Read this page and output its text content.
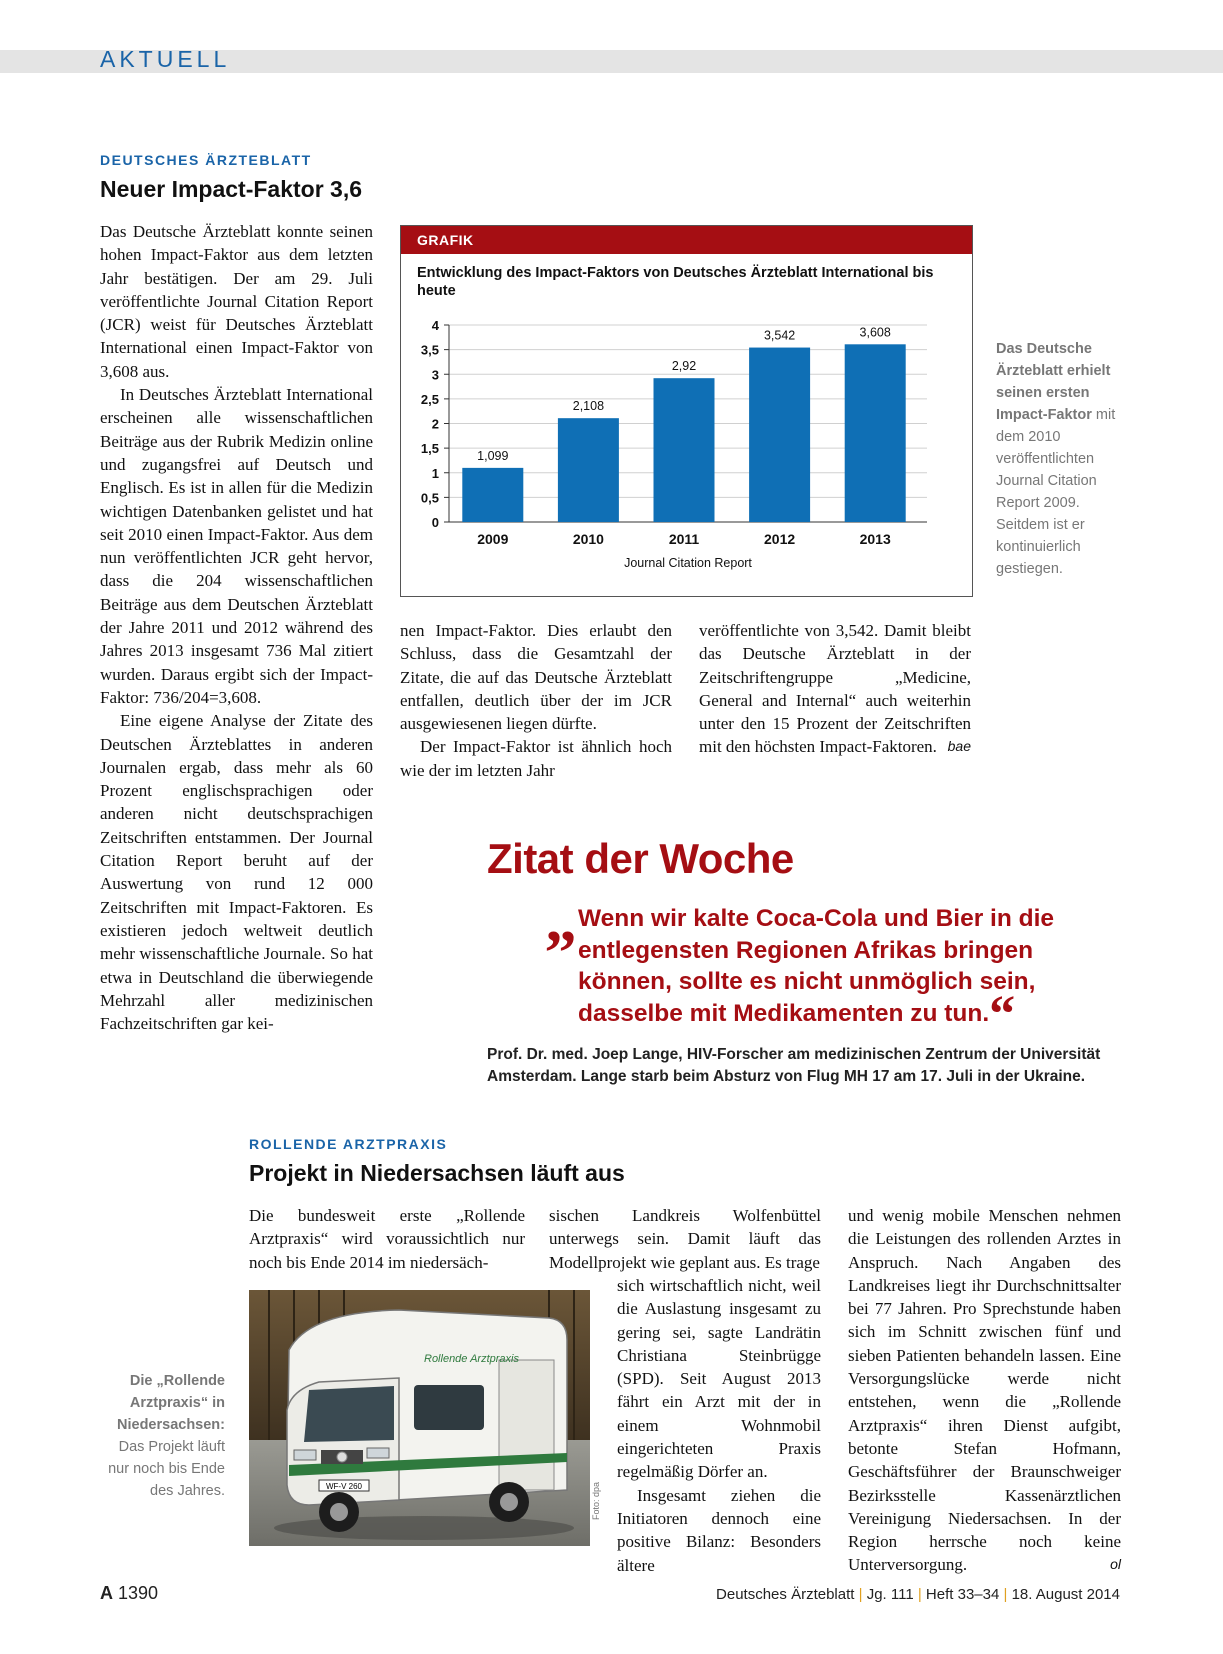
AKTUELL
DEUTSCHES ÄRZTEBLATT
Neuer Impact-Faktor 3,6

Das Deutsche Ärzteblatt konnte seinen hohen Impact-Faktor aus dem letzten Jahr bestätigen. Der am 29. Juli veröffentlichte Journal Citation Report (JCR) weist für Deutsches Ärzteblatt International einen Impact-Faktor von 3,608 aus.

In Deutsches Ärzteblatt International erscheinen alle wissenschaftlichen Beiträge aus der Rubrik Medizin online und zugangsfrei auf Deutsch und Englisch. Es ist in allen für die Medizin wichtigen Datenbanken gelistet und hat seit 2010 einen Impact-Faktor. Aus dem nun veröffentlichten JCR geht hervor, dass die 204 wissenschaftlichen Beiträge aus dem Deutschen Ärzteblatt der Jahre 2011 und 2012 während des Jahres 2013 insgesamt 736 Mal zitiert wurden. Daraus ergibt sich der Impact-Faktor: 736/204=3,608.

Eine eigene Analyse der Zitate des Deutschen Ärzteblattes in anderen Journalen ergab, dass mehr als 60 Prozent englischsprachigen oder anderen nicht deutschsprachigen Zeitschriften entstammen. Der Journal Citation Report beruht auf der Auswertung von rund 12 000 Zeitschriften mit Impact-Faktoren. Es existieren jedoch weltweit deutlich mehr wissenschaftliche Journale. So hat etwa in Deutschland die überwiegende Mehrzahl aller medizinischen Fachzeitschriften gar kei-

GRAFIK
Entwicklung des Impact-Faktors von Deutsches Ärzteblatt International bis heute
0
0,5
1
1,5
2
2,5
3
3,5
4
1,099
2009
2,108
2010
2,92
2011
3,542
2012
3,608
2013
Journal Citation Report
Das Deutsche Ärzteblatt erhielt seinen ersten Impact-Faktor mit dem 2010 veröffentlichten Journal Citation Report 2009. Seitdem ist er kontinuierlich gestiegen.

nen Impact-Faktor. Dies erlaubt den Schluss, dass die Gesamtzahl der Zitate, die auf das Deutsche Ärzteblatt entfallen, deutlich über der im JCR ausgewiesenen liegen dürfte.

Der Impact-Faktor ist ähnlich hoch wie der im letzten Jahr

veröffentlichte von 3,542. Damit bleibt das Deutsche Ärzteblatt in der Zeitschriftengruppe „Medicine, General and Internal“ auch weiterhin unter den 15 Prozent der Zeitschriften mit den höchsten Impact-Faktoren. bae

Zitat der Woche
„ Wenn wir kalte Coca-Cola und Bier in die entlegensten Regionen Afrikas bringen können, sollte es nicht unmöglich sein, dasselbe mit Medikamenten zu tun.“
Prof. Dr. med. Joep Lange, HIV-Forscher am medizinischen Zentrum der Universität Amsterdam. Lange starb beim Absturz von Flug MH 17 am 17. Juli in der Ukraine.
ROLLENDE ARZTPRAXIS
Projekt in Niedersachsen läuft aus

Die bundesweit erste „Rollende Arztpraxis“ wird voraussichtlich nur noch bis Ende 2014 im niedersäch-

sischen Landkreis Wolfenbüttel unterwegs sein. Damit läuft das Modellprojekt wie geplant aus. Es trage

sich wirtschaftlich nicht, weil die Auslastung insgesamt zu gering sei, sagte Landrätin Christiana Steinbrügge (SPD). Seit August 2013 fährt ein Arzt mit der in einem Wohnmobil eingerichteten Praxis regelmäßig Dörfer an.

Insgesamt ziehen die Initiatoren dennoch eine positive Bilanz: Besonders ältere

und wenig mobile Menschen nehmen die Leistungen des rollenden Arztes in Anspruch. Nach Angaben des Landkreises liegt ihr Durchschnittsalter bei 77 Jahren. Pro Sprechstunde haben sich im Schnitt zwischen fünf und sieben Patienten behandeln lassen. Eine Versorgungslücke werde nicht entstehen, wenn die „Rollende Arztpraxis“ ihren Dienst aufgibt, betonte Stefan Hofmann, Geschäftsführer der Braunschweiger Bezirksstelle Kassenärztlichen Vereinigung Niedersachsen. In der Region herrsche noch keine Unterversorgung.	ol

Die „Rollende Arztpraxis“ in Niedersachsen: Das Projekt läuft nur noch bis Ende des Jahres.
Rollende Arztpraxis
WF-V 260	Foto: dpa
A 1390	Deutsches Ärzteblatt | Jg. 111 | Heft 33–34 | 18. August 2014
